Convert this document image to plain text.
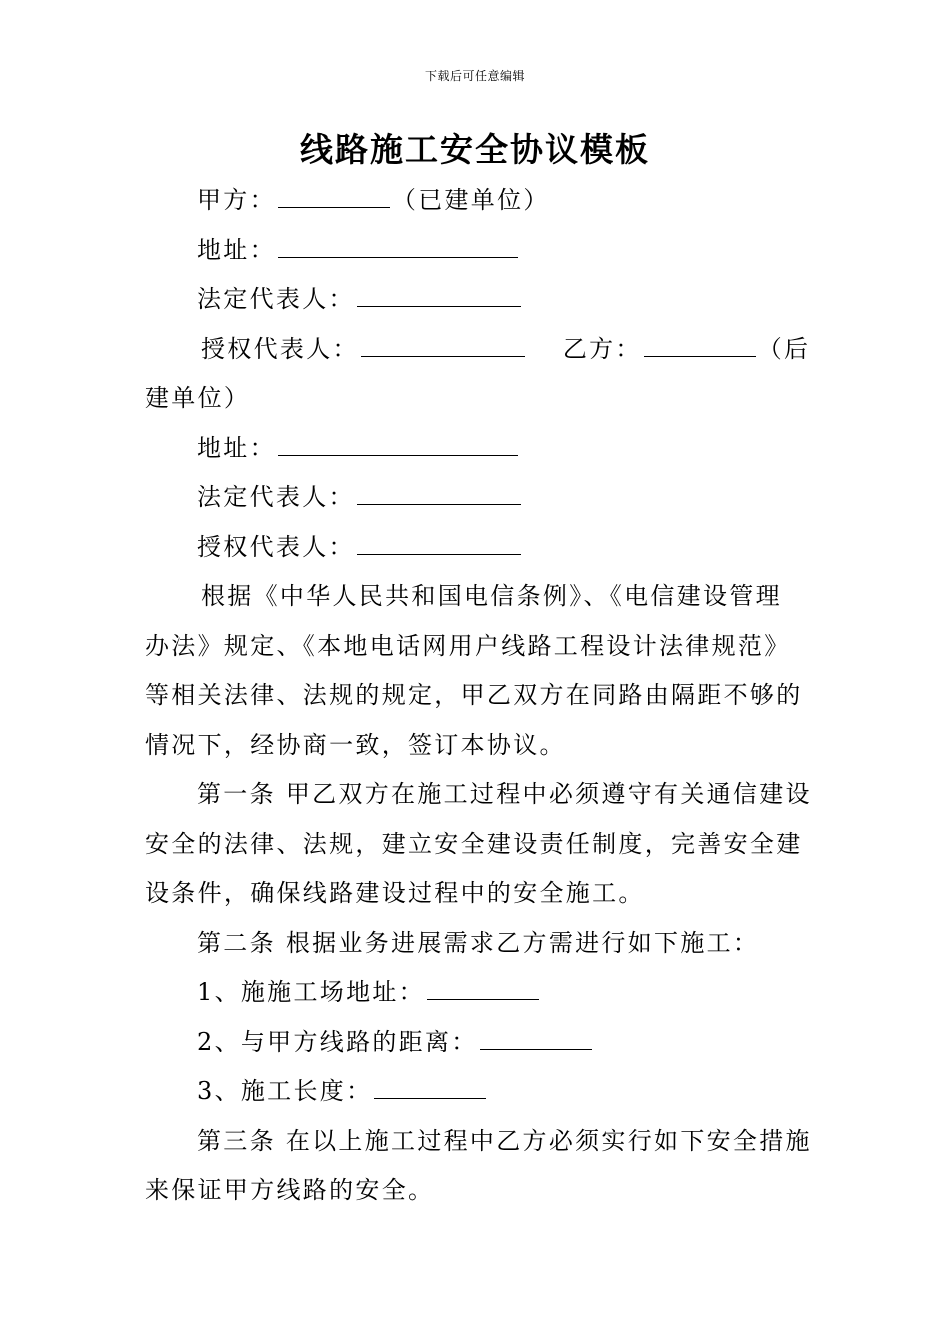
下载后可任意编辑
线路施工安全协议模板
甲方：	（已建单位）
地址：
法定代表人：
授权代表人：	乙方：	（后
建单位）
地址：
法定代表人：
授权代表人：
根据《中华人民共和国电信条例》、《电信建设管理
办法》规定、《本地电话网用户线路工程设计法律规范》
等相关法律、法规的规定，甲乙双方在同路由隔距不够的
情况下，经协商一致，签订本协议。
第一条 甲乙双方在施工过程中必须遵守有关通信建设
安全的法律、法规，建立安全建设责任制度，完善安全建
设条件，确保线路建设过程中的安全施工。
第二条 根据业务进展需求乙方需进行如下施工：
1、施施工场地址：
2、与甲方线路的距离：
3、施工长度：
第三条 在以上施工过程中乙方必须实行如下安全措施
来保证甲方线路的安全。
